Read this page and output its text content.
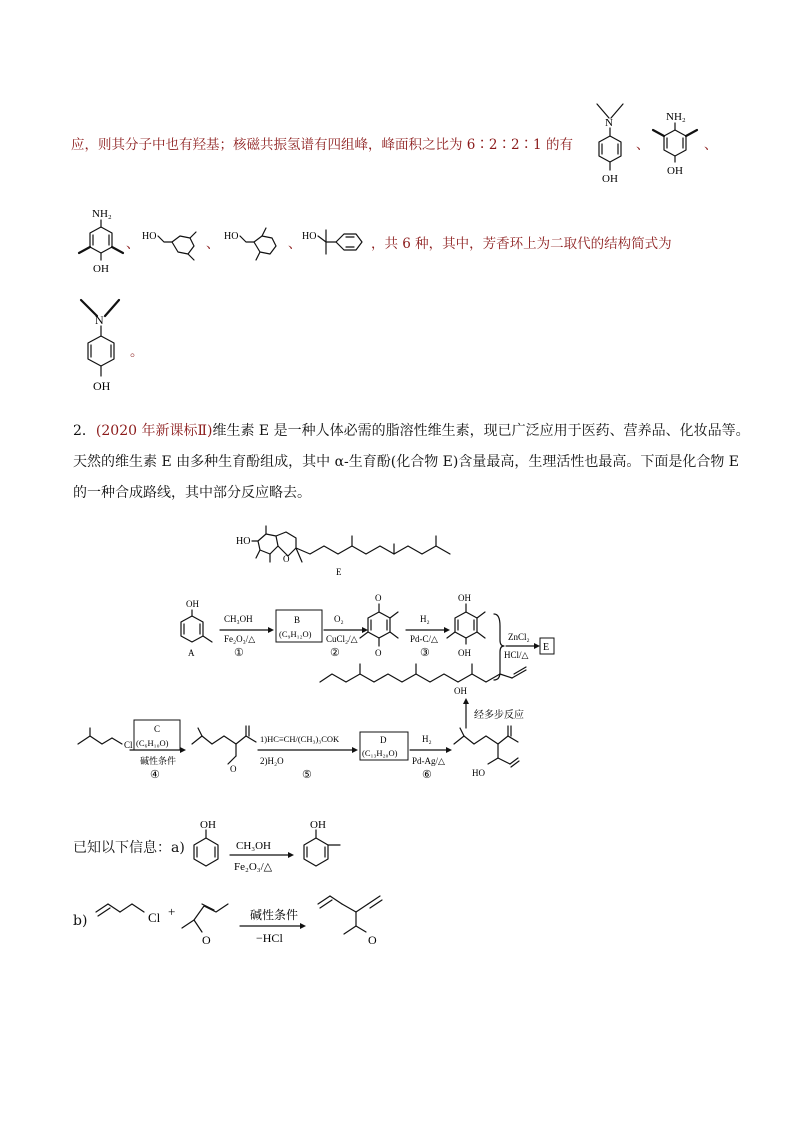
应，则其分子中也有羟基；核磁共振氢谱有四组峰，峰面积之比为 6∶2∶2∶1 的有	、	、
N
OH
NH₂
OH
NH₂
OH
、 HO	、 HO	、 HO	，共 6 种，其中，芳香环上为二取代的结构简式为
N
OH
。
2．(2020 年新课标Ⅱ)维生素 E 是一种人体必需的脂溶性维生素，现已广泛应用于医药、营养品、化妆品等。
天然的维生素 E 由多种生育酚组成，其中 α-生育酚(化合物 E)含量最高，生理活性也最高。下面是化合物 E
的一种合成路线，其中部分反应略去。
HO
O
E
OH
A
CH₃OH
Fe₂O₃/△
①
B
(C₉H₁₂O)
O₂
CuCl₂/△
②
O
O
H₂
Pd-C/△
③
OH
OH
OH
ZnCl₂
HCl/△
E
经多步反应
Cl
C
(C₆H₁₀O)
碱性条件
④	O
1)HC≡CH/(CH₃)₃COK
2)H₂O
⑤
D
(C₁₃H₂₀O)
H₂
Pd-Ag/△
⑥	HO
已知以下信息：a)
OH
CH₃OH
Fe₂O₃/△
OH
b)	Cl +
O
碱性条件
−HCl	O
